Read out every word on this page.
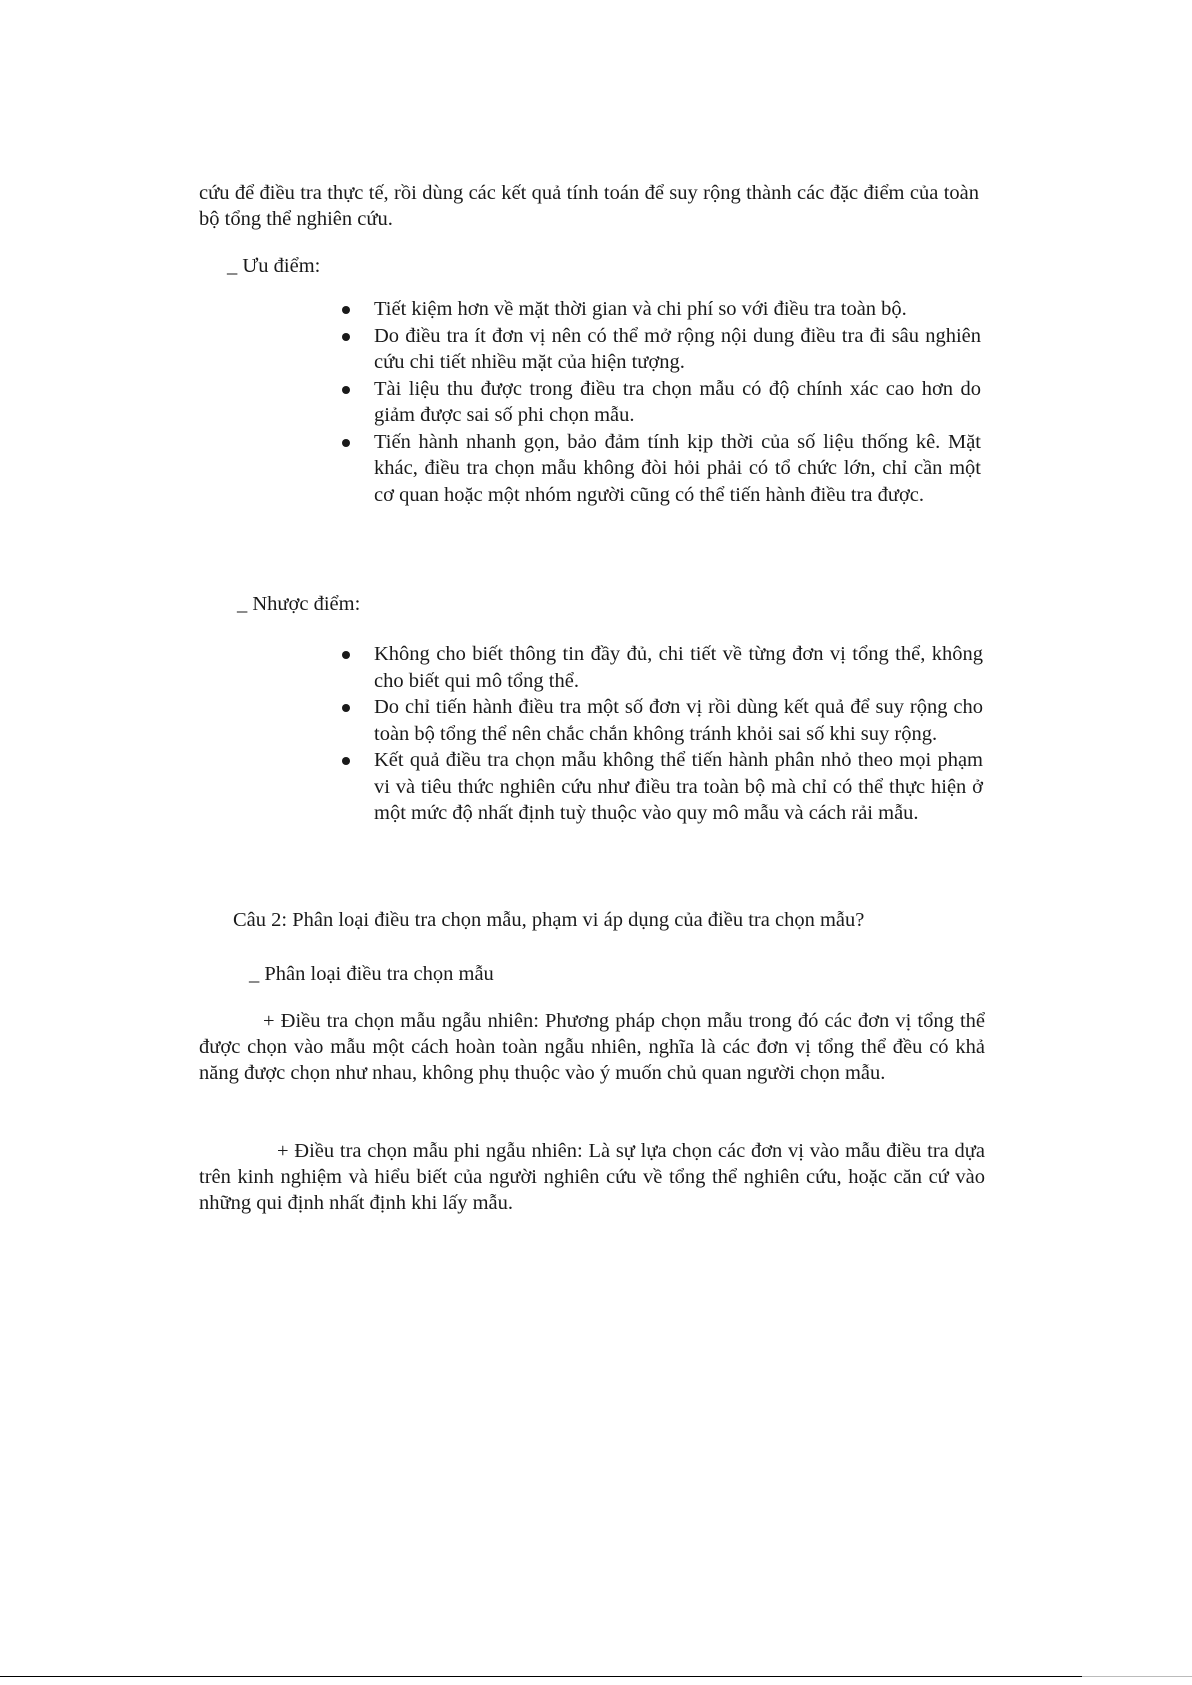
cứu để điều tra thực tế, rồi dùng các kết quả tính toán để suy rộng thành các đặc điểm của toàn bộ tổng thể nghiên cứu.

_ Ưu điểm:

Tiết kiệm hơn về mặt thời gian và chi phí so với điều tra toàn bộ.
Do điều tra ít đơn vị nên có thể mở rộng nội dung điều tra đi sâu nghiên cứu chi tiết nhiều mặt của hiện tượng.
Tài liệu thu được trong điều tra chọn mẫu có độ chính xác cao hơn do giảm được sai số phi chọn mẫu.
Tiến hành nhanh gọn, bảo đảm tính kịp thời của số liệu thống kê. Mặt khác, điều tra chọn mẫu không đòi hỏi phải có tổ chức lớn, chỉ cần một cơ quan hoặc một nhóm người cũng có thể tiến hành điều tra được.

_ Nhược điểm:

Không cho biết thông tin đầy đủ, chi tiết về từng đơn vị tổng thể, không cho biết qui mô tổng thể.
Do chỉ tiến hành điều tra một số đơn vị rồi dùng kết quả để suy rộng cho toàn bộ tổng thể nên chắc chắn không tránh khỏi sai số khi suy rộng.
Kết quả điều tra chọn mẫu không thể tiến hành phân nhỏ theo mọi phạm vi và tiêu thức nghiên cứu như điều tra toàn bộ mà chỉ có thể thực hiện ở một mức độ nhất định tuỳ thuộc vào quy mô mẫu và cách rải mẫu.

Câu 2: Phân loại điều tra chọn mẫu, phạm vi áp dụng của điều tra chọn mẫu?

_ Phân loại điều tra chọn mẫu

+ Điều tra chọn mẫu ngẫu nhiên: Phương pháp chọn mẫu trong đó các đơn vị tổng thể được chọn vào mẫu một cách hoàn toàn ngẫu nhiên, nghĩa là các đơn vị tổng thể đều có khả năng được chọn như nhau, không phụ thuộc vào ý muốn chủ quan người chọn mẫu.

+ Điều tra chọn mẫu phi ngẫu nhiên: Là sự lựa chọn các đơn vị vào mẫu điều tra dựa trên kinh nghiệm và hiểu biết của người nghiên cứu về tổng thể nghiên cứu, hoặc căn cứ vào những qui định nhất định khi lấy mẫu.
